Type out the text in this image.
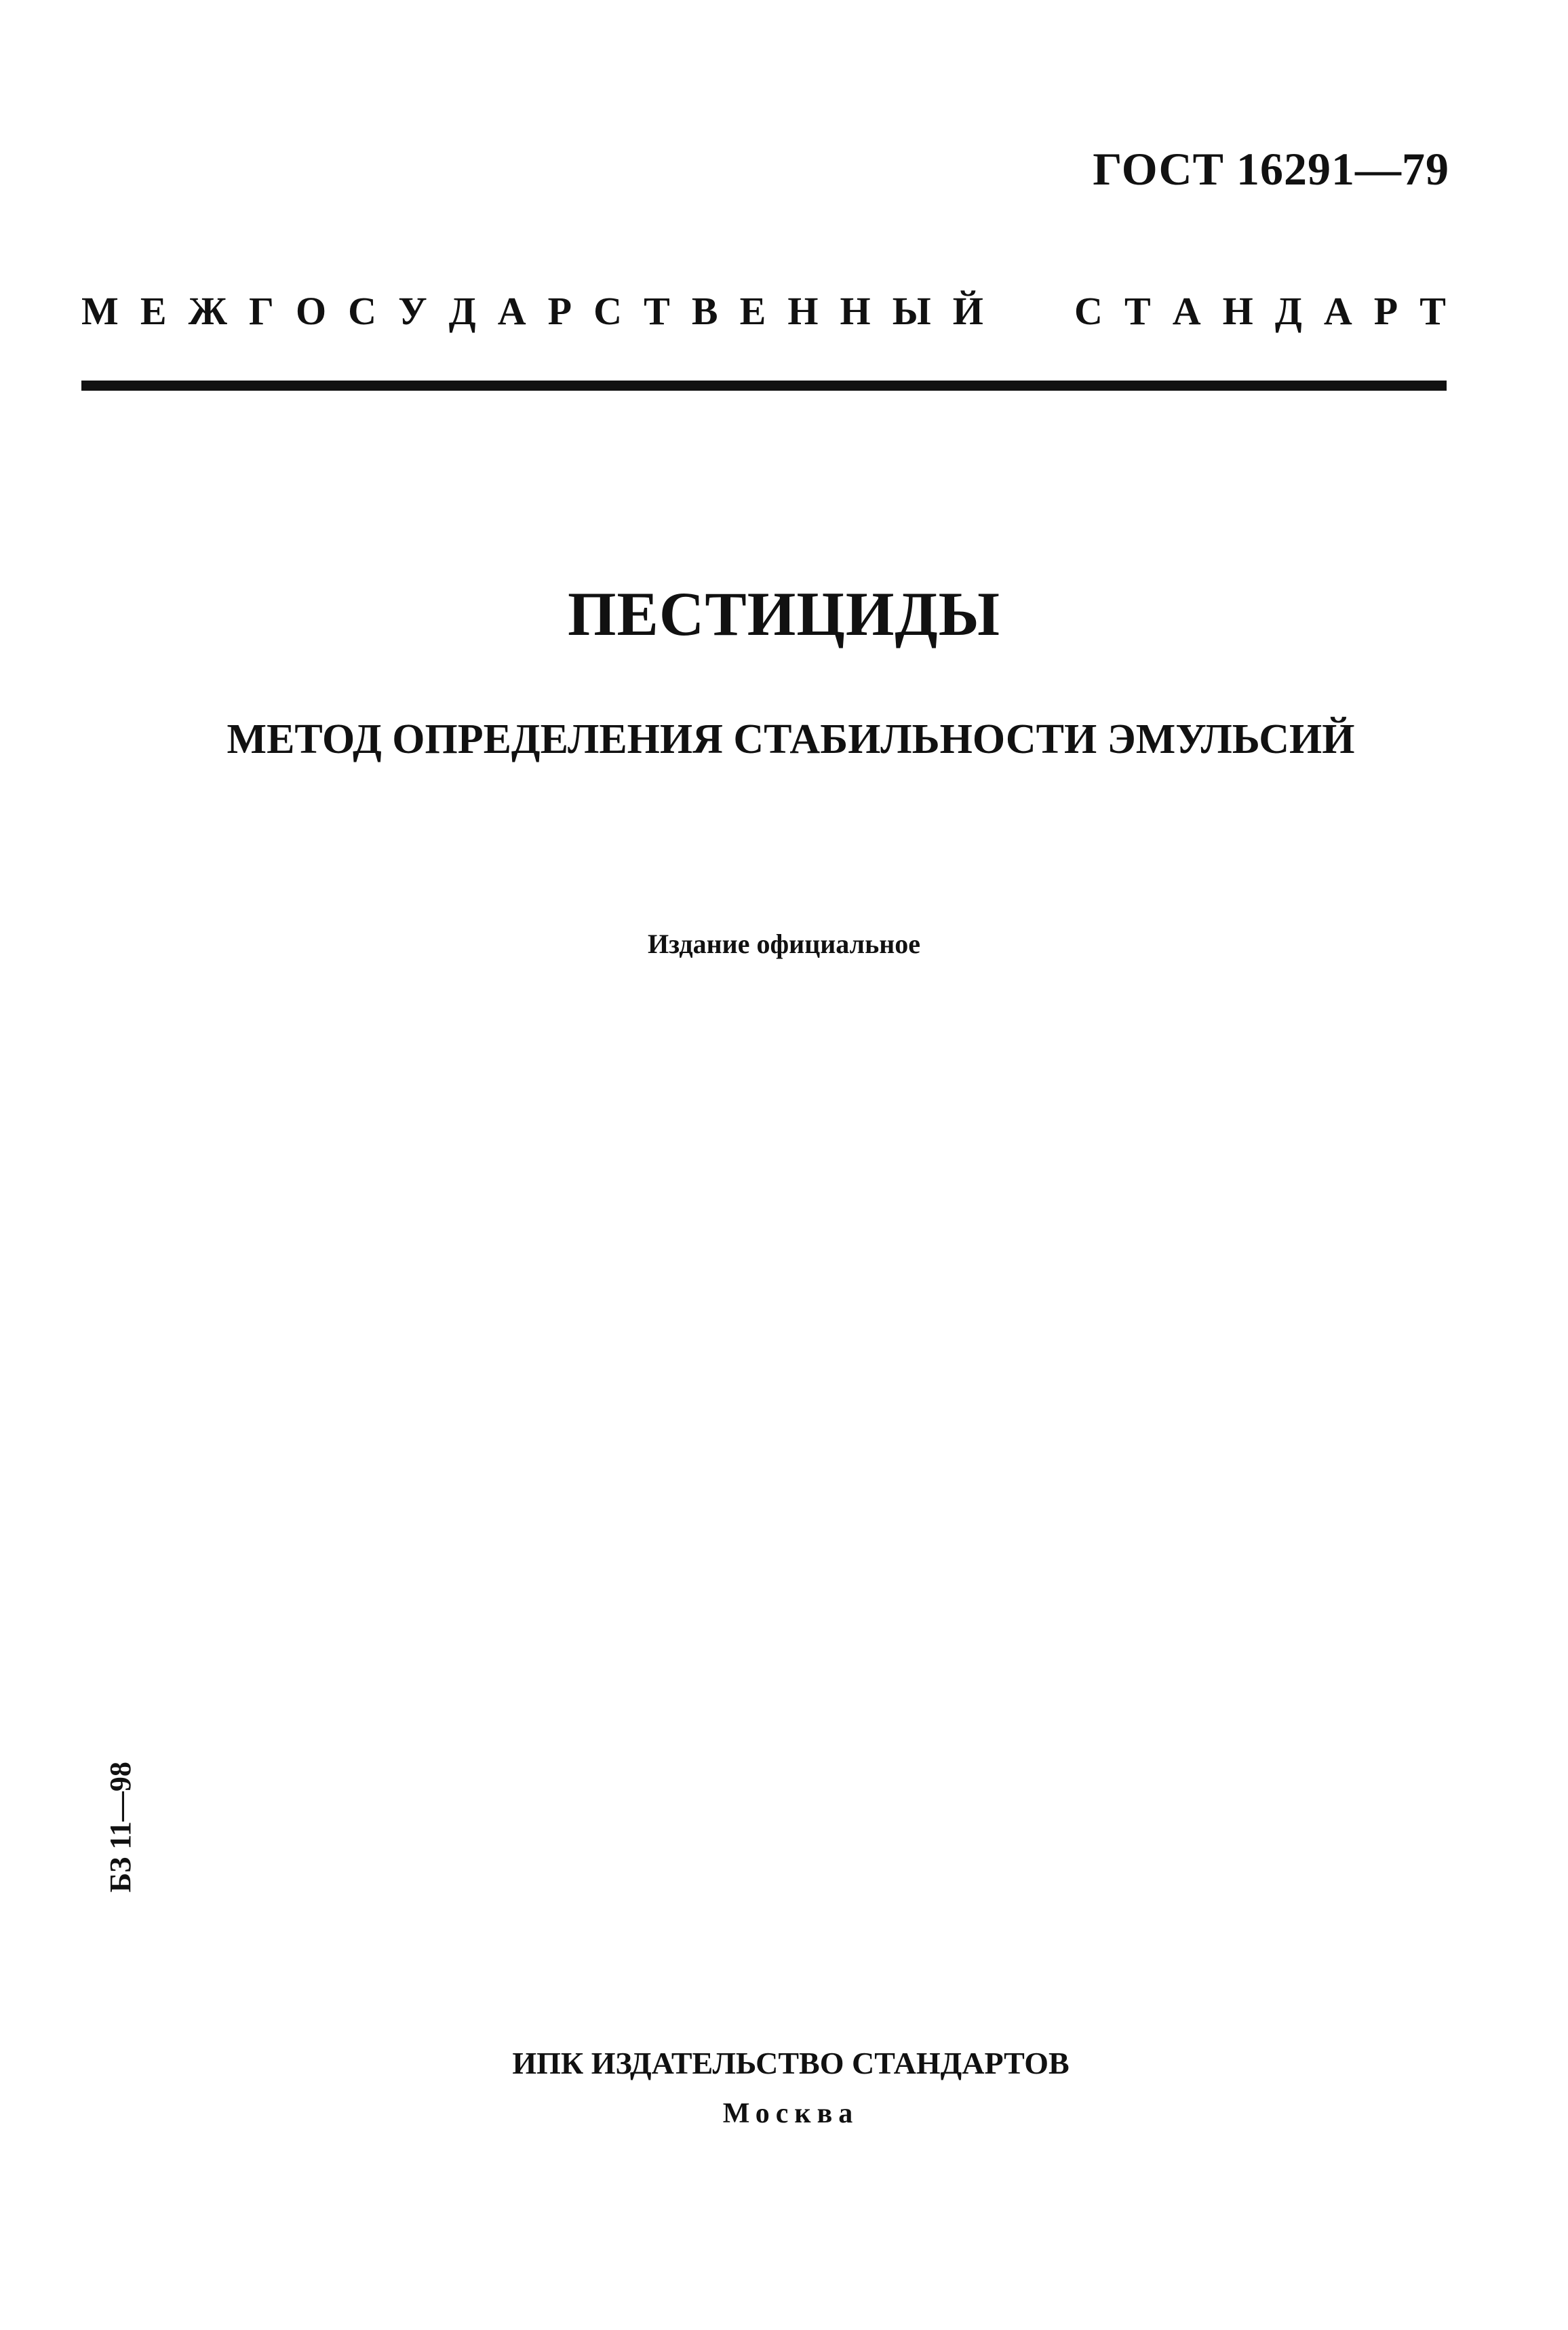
ГОСТ 16291—79
М Е Ж Г О С У Д А Р С Т В Е Н Н Ы Й С Т А Н Д А Р Т
ПЕСТИЦИДЫ
МЕТОД ОПРЕДЕЛЕНИЯ СТАБИЛЬНОСТИ ЭМУЛЬСИЙ
Издание официальное
БЗ 11—98
ИПК ИЗДАТЕЛЬСТВО СТАНДАРТОВ
Москва
